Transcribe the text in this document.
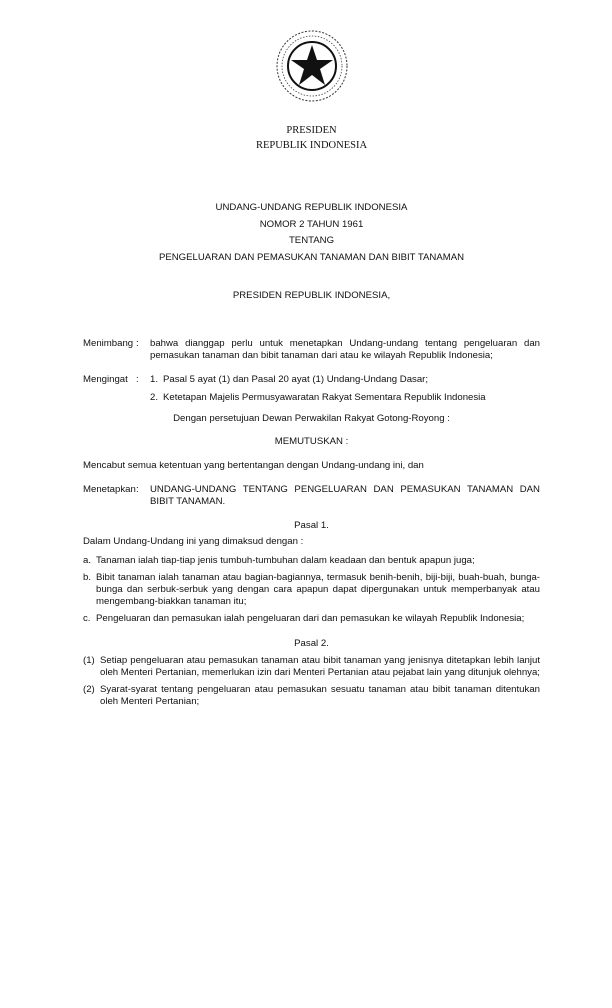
PRESIDEN
REPUBLIK INDONESIA
UNDANG-UNDANG REPUBLIK INDONESIA
NOMOR 2 TAHUN 1961
TENTANG
PENGELUARAN DAN PEMASUKAN TANAMAN DAN BIBIT TANAMAN
PRESIDEN REPUBLIK INDONESIA,
Menimbang :	bahwa dianggap perlu untuk menetapkan Undang-undang tentang pengeluaran dan pemasukan tanaman dan bibit tanaman dari atau ke wilayah Republik Indonesia;
Mengingat :	1. Pasal 5 ayat (1) dan Pasal 20 ayat (1) Undang-Undang Dasar;
2. Ketetapan Majelis Permusyawaratan Rakyat Sementara Republik Indonesia
Dengan persetujuan Dewan Perwakilan Rakyat Gotong-Royong :
MEMUTUSKAN :
Mencabut semua ketentuan yang bertentangan dengan Undang-undang ini, dan
Menetapkan :	UNDANG-UNDANG TENTANG PENGELUARAN DAN PEMASUKAN TANAMAN DAN BIBIT TANAMAN.
Pasal 1.
Dalam Undang-Undang ini yang dimaksud dengan :
a. Tanaman ialah tiap-tiap jenis tumbuh-tumbuhan dalam keadaan dan bentuk apapun juga;
b. Bibit tanaman ialah tanaman atau bagian-bagiannya, termasuk benih-benih, biji-biji, buah-buah, bunga-bunga dan serbuk-serbuk yang dengan cara apapun dapat dipergunakan untuk memperbanyak atau mengembang-biakkan tanaman itu;
c. Pengeluaran dan pemasukan ialah pengeluaran dari dan pemasukan ke wilayah Republik Indonesia;
Pasal 2.
(1) Setiap pengeluaran atau pemasukan tanaman atau bibit tanaman yang jenisnya ditetapkan lebih lanjut oleh Menteri Pertanian, memerlukan izin dari Menteri Pertanian atau pejabat lain yang ditunjuk olehnya;
(2) Syarat-syarat tentang pengeluaran atau pemasukan sesuatu tanaman atau bibit tanaman ditentukan oleh Menteri Pertanian;
